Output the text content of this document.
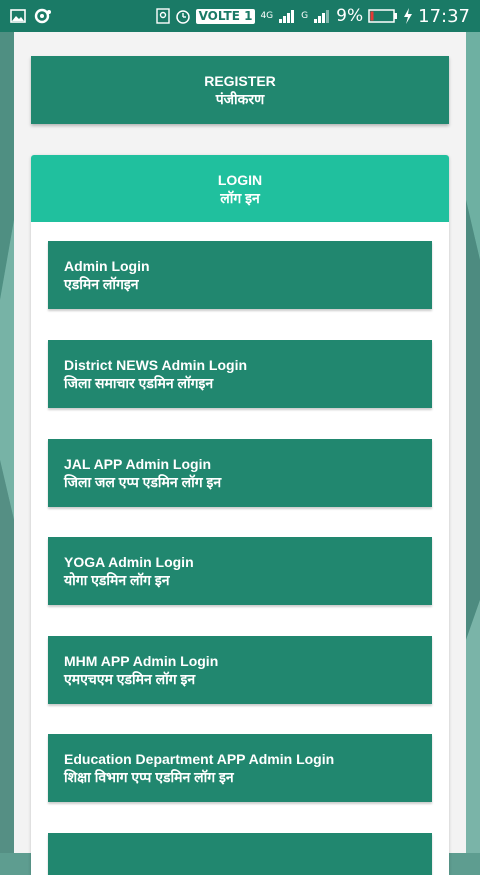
VOLTE 1 4G	G 9%	17:37
REGISTER
पंजीकरण
LOGIN
लॉग इन
Admin Login
एडमिन लॉगइन
District NEWS Admin Login
जिला समाचार एडमिन लॉगइन
JAL APP Admin Login
जिला जल एप्प एडमिन लॉग इन
YOGA Admin Login
योगा एडमिन लॉग इन
MHM APP Admin Login
एमएचएम एडमिन लॉग इन
Education Department APP Admin Login
शिक्षा विभाग एप्प एडमिन लॉग इन
